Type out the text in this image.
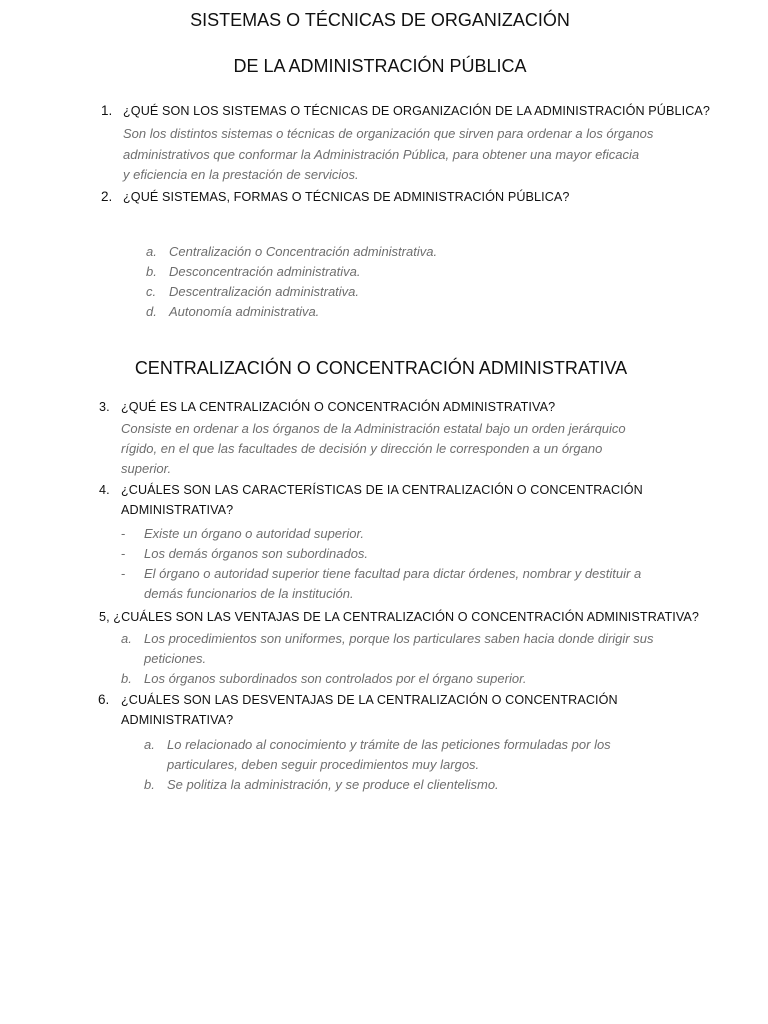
SISTEMAS O TÉCNICAS DE ORGANIZACIÓN
DE LA ADMINISTRACIÓN PÚBLICA
1. ¿QUÉ SON LOS SISTEMAS O TÉCNICAS DE ORGANIZACIÓN DE LA ADMINISTRACIÓN PÚBLICA?
Son los distintos sistemas o técnicas de organización que sirven para ordenar a los órganos
administrativos que conformar la Administración Pública, para obtener una mayor eficacia
y eficiencia en la prestación de servicios.
2. ¿QUÉ SISTEMAS, FORMAS O TÉCNICAS DE ADMINISTRACIÓN PÚBLICA?
a. Centralización o Concentración administrativa.
b. Desconcentración administrativa.
c. Descentralización administrativa.
d. Autonomía administrativa.
CENTRALIZACIÓN O CONCENTRACIÓN ADMINISTRATIVA
3. ¿QUÉ ES LA CENTRALIZACIÓN O CONCENTRACIÓN ADMINISTRATIVA?
Consiste en ordenar a los órganos de la Administración estatal bajo un orden jerárquico
rígido, en el que las facultades de decisión y dirección le corresponden a un órgano
superior.
4. ¿CUÁLES SON LAS CARACTERÍSTICAS DE IA CENTRALIZACIÓN O CONCENTRACIÓN
ADMINISTRATIVA?
- Existe un órgano o autoridad superior.
- Los demás órganos son subordinados.
- El órgano o autoridad superior tiene facultad para dictar órdenes, nombrar y destituir a
demás funcionarios de la institución.
5, ¿CUÁLES SON LAS VENTAJAS DE LA CENTRALIZACIÓN O CONCENTRACIÓN ADMINISTRATIVA?
a. Los procedimientos son uniformes, porque los particulares saben hacia donde dirigir sus
peticiones.
b. Los órganos subordinados son controlados por el órgano superior.
6. ¿CUÁLES SON LAS DESVENTAJAS DE LA CENTRALIZACIÓN O CONCENTRACIÓN
ADMINISTRATIVA?
a. Lo relacionado al conocimiento y trámite de las peticiones formuladas por los
particulares, deben seguir procedimientos muy largos.
b. Se politiza la administración, y se produce el clientelismo.
